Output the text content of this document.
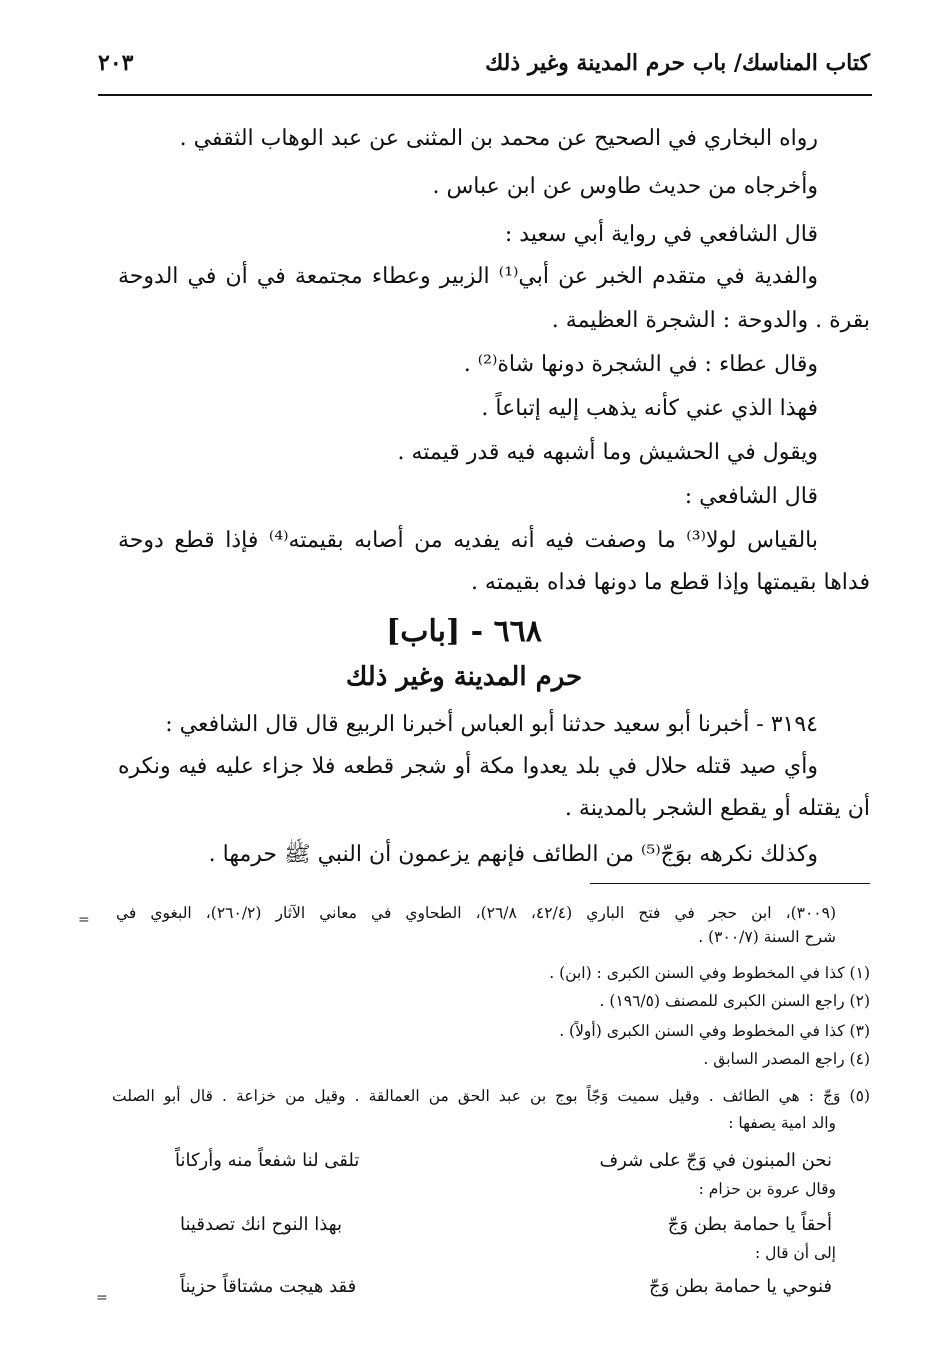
كتاب المناسك/ باب حرم المدينة وغير ذلك
٢٠٣
رواه البخاري في الصحيح عن محمد بن المثنى عن عبد الوهاب الثقفي .
وأخرجاه من حديث طاوس عن ابن عباس .
قال الشافعي في رواية أبي سعيد :
والفدية في متقدم الخبر عن أبي⁽¹⁾ الزبير وعطاء مجتمعة في أن في الدوحة
بقرة . والدوحة : الشجرة العظيمة .
وقال عطاء : في الشجرة دونها شاة⁽²⁾ .
فهذا الذي عني كأنه يذهب إليه إتباعاً .
ويقول في الحشيش وما أشبهه فيه قدر قيمته .
قال الشافعي :
بالقياس لولا⁽³⁾ ما وصفت فيه أنه يفديه من أصابه بقيمته⁽⁴⁾ فإذا قطع دوحة
فداها بقيمتها وإذا قطع ما دونها فداه بقيمته .
٦٦٨ - [باب]
حرم المدينة وغير ذلك
٣١٩٤ - أخبرنا أبو سعيد حدثنا أبو العباس أخبرنا الربيع قال قال الشافعي :
وأي صيد قتله حلال في بلد يعدوا مكة أو شجر قطعه فلا جزاء عليه فيه ونكره
أن يقتله أو يقطع الشجر بالمدينة .
وكذلك نكرهه بوَجّ⁽⁵⁾ من الطائف فإنهم يزعمون أن النبي ﷺ حرمها .
= (٣٠٠٩)، ابن حجر في فتح الباري (٤٢/٤، ٢٦/٨)، الطحاوي في معاني الآثار (٢٦٠/٢)، البغوي في
شرح السنة (٣٠٠/٧) .
(١) كذا في المخطوط وفي السنن الكبرى : (ابن) .
(٢) راجع السنن الكبرى للمصنف (١٩٦/٥) .
(٣) كذا في المخطوط وفي السنن الكبرى (أولاً) .
(٤) راجع المصدر السابق .
(٥) وَجّ : هي الطائف . وقيل سميت وَجّاً بوج بن عبد الحق من العمالقة . وقيل من خزاعة . قال أبو الصلت
والد امية يصفها :
نحن المبنون في وَجّ على شرف
تلقى لنا شفعاً منه وأركاناً
وقال عروة بن حزام :
أحقاً يا حمامة بطن وَجّ
بهذا النوح انك تصدقينا
إلى أن قال :
فنوحي يا حمامة بطن وَجّ
فقد هيجت مشتاقاً حزيناً
=
